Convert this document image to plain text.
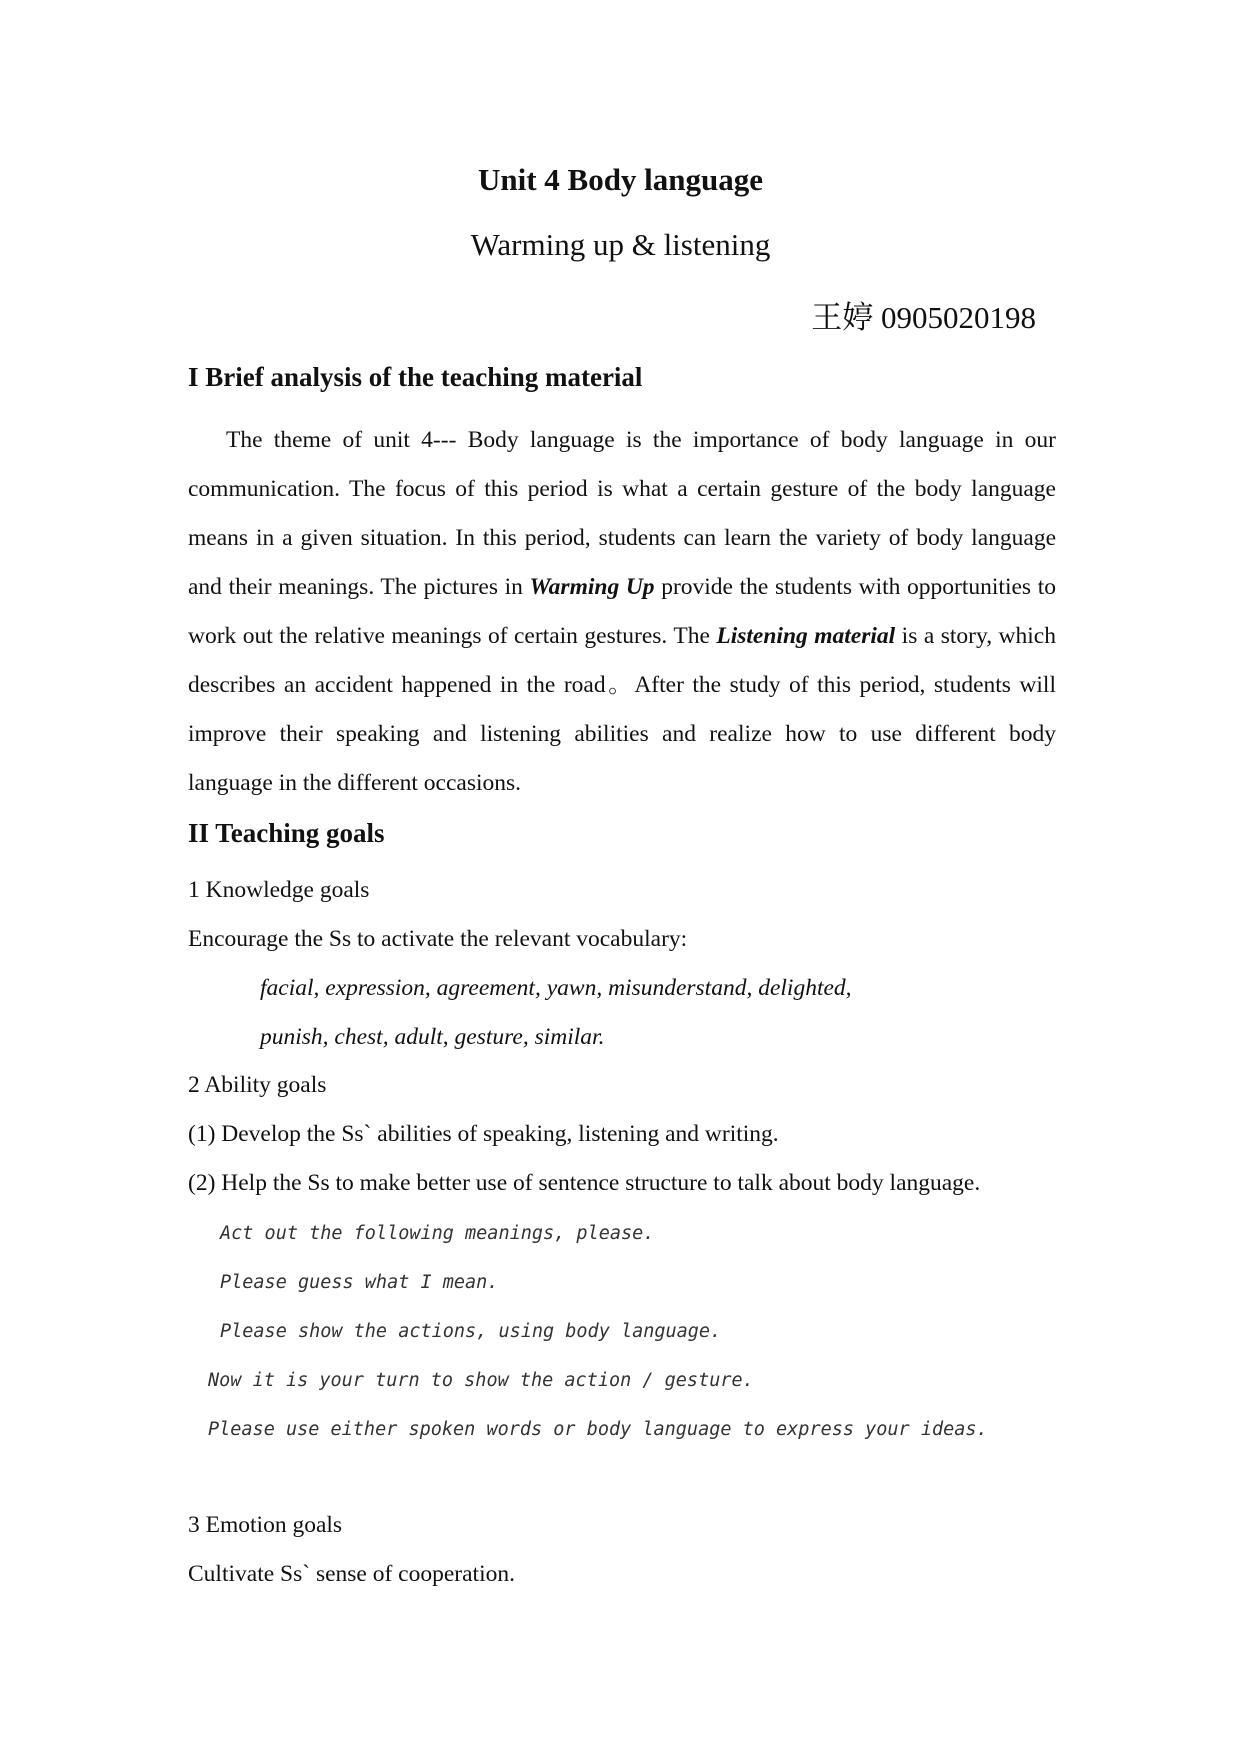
Unit 4 Body language
Warming up & listening
王婷 0905020198
I Brief analysis of the teaching material
The theme of unit 4--- Body language is the importance of body language in our communication. The focus of this period is what a certain gesture of the body language means in a given situation. In this period, students can learn the variety of body language and their meanings. The pictures in Warming Up provide the students with opportunities to work out the relative meanings of certain gestures. The Listening material is a story, which describes an accident happened in the road。After the study of this period, students will improve their speaking and listening abilities and realize how to use different body language in the different occasions.
II Teaching goals
1 Knowledge goals
Encourage the Ss to activate the relevant vocabulary:
facial, expression, agreement, yawn, misunderstand, delighted,
punish, chest, adult, gesture, similar.
2 Ability goals
(1) Develop the Ss` abilities of speaking, listening and writing.
(2) Help the Ss to make better use of sentence structure to talk about body language.
Act out the following meanings, please.
Please guess what I mean.
Please show the actions, using body language.
Now it is your turn to show the action / gesture.
Please use either spoken words or body language to express your ideas.
3 Emotion goals
Cultivate Ss` sense of cooperation.
